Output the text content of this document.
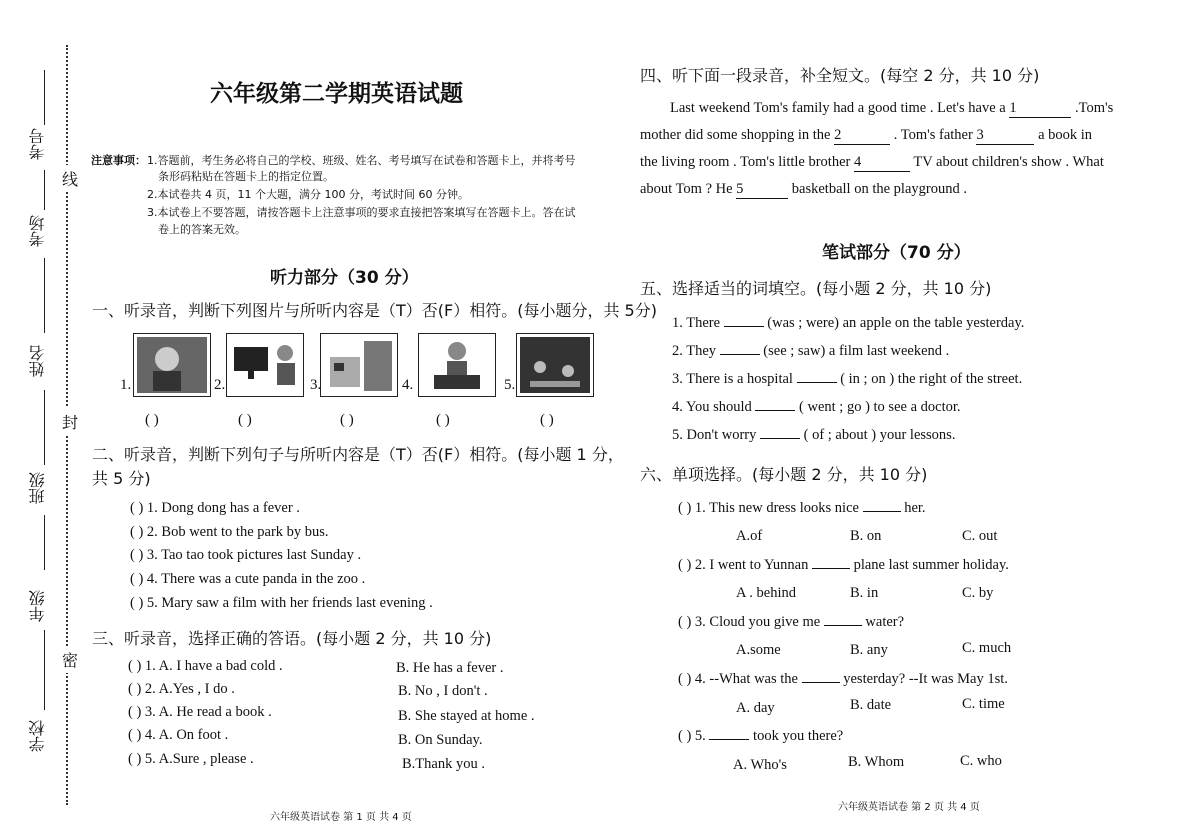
考号
考场
姓名
班级
年级
学校
线
封
密
六年级第二学期英语试题
注意事项： 1.答题前，考生务必将自己的学校、班级、姓名、考号填写在试卷和答题卡上，并将考号
条形码粘贴在答题卡上的指定位置。
2.本试卷共 4 页，11 个大题，满分 100 分，考试时间 60 分钟。
3.本试卷上不要答题，请按答题卡上注意事项的要求直接把答案填写在答题卡上。答在试
卷上的答案无效。
听力部分（30 分）
一、听录音，判断下列图片与所听内容是（T）否(F）相符。(每小题分，共 5分)
1.	2.	3.	4.	5.
( )	( )	( )	( )	( )
二、听录音，判断下列句子与所听内容是（T）否(F）相符。(每小题 1 分，
共 5 分)
( ) 1. Dong dong has a fever .
( ) 2. Bob went to the park by bus.
( ) 3. Tao tao took pictures last Sunday .
( ) 4. There was a cute panda in the zoo .
( ) 5. Mary saw a film with her friends last evening .
三、听录音，选择正确的答语。(每小题 2 分，共 10 分)
( ) 1. A. I have a bad cold .	B. He has a fever .
( ) 2. A.Yes , I do .	B. No , I don't .
( ) 3. A. He read a book .	B. She stayed at home .
( ) 4. A. On foot .	B. On Sunday.
( ) 5. A.Sure , please .	B.Thank you .
六年级英语试卷 第 1 页 共 4 页
四、听下面一段录音，补全短文。(每空 2 分，共 10 分)
Last weekend Tom's family had a good time . Let's have a 1	.Tom's
mother did some shopping in the 2	. Tom's father 3	a book in
the living room . Tom's little brother 4	TV about children's show . What
about Tom ? He 5	basketball on the playground .
笔试部分（70 分）
五、选择适当的词填空。(每小题 2 分，共 10 分)
1. There	(was ; were) an apple on the table yesterday.
2. They	(see ; saw) a film last weekend .
3. There is a hospital	( in ; on ) the right of the street.
4. You should	( went ; go ) to see a doctor.
5. Don't worry	( of ; about ) your lessons.
六、单项选择。(每小题 2 分，共 10 分)
( ) 1. This new dress looks nice	her.
A.of	B. on	C. out
( ) 2. I went to Yunnan	plane last summer holiday.
A . behind	B. in	C. by
( ) 3. Cloud you give me	water?
A.some	B. any	C. much
( ) 4. --What was the	yesterday? --It was May 1st.
A. day	B. date	C. time
( ) 5.	took you there?
A. Who's	B. Whom	C. who
六年级英语试卷 第 2 页 共 4 页
